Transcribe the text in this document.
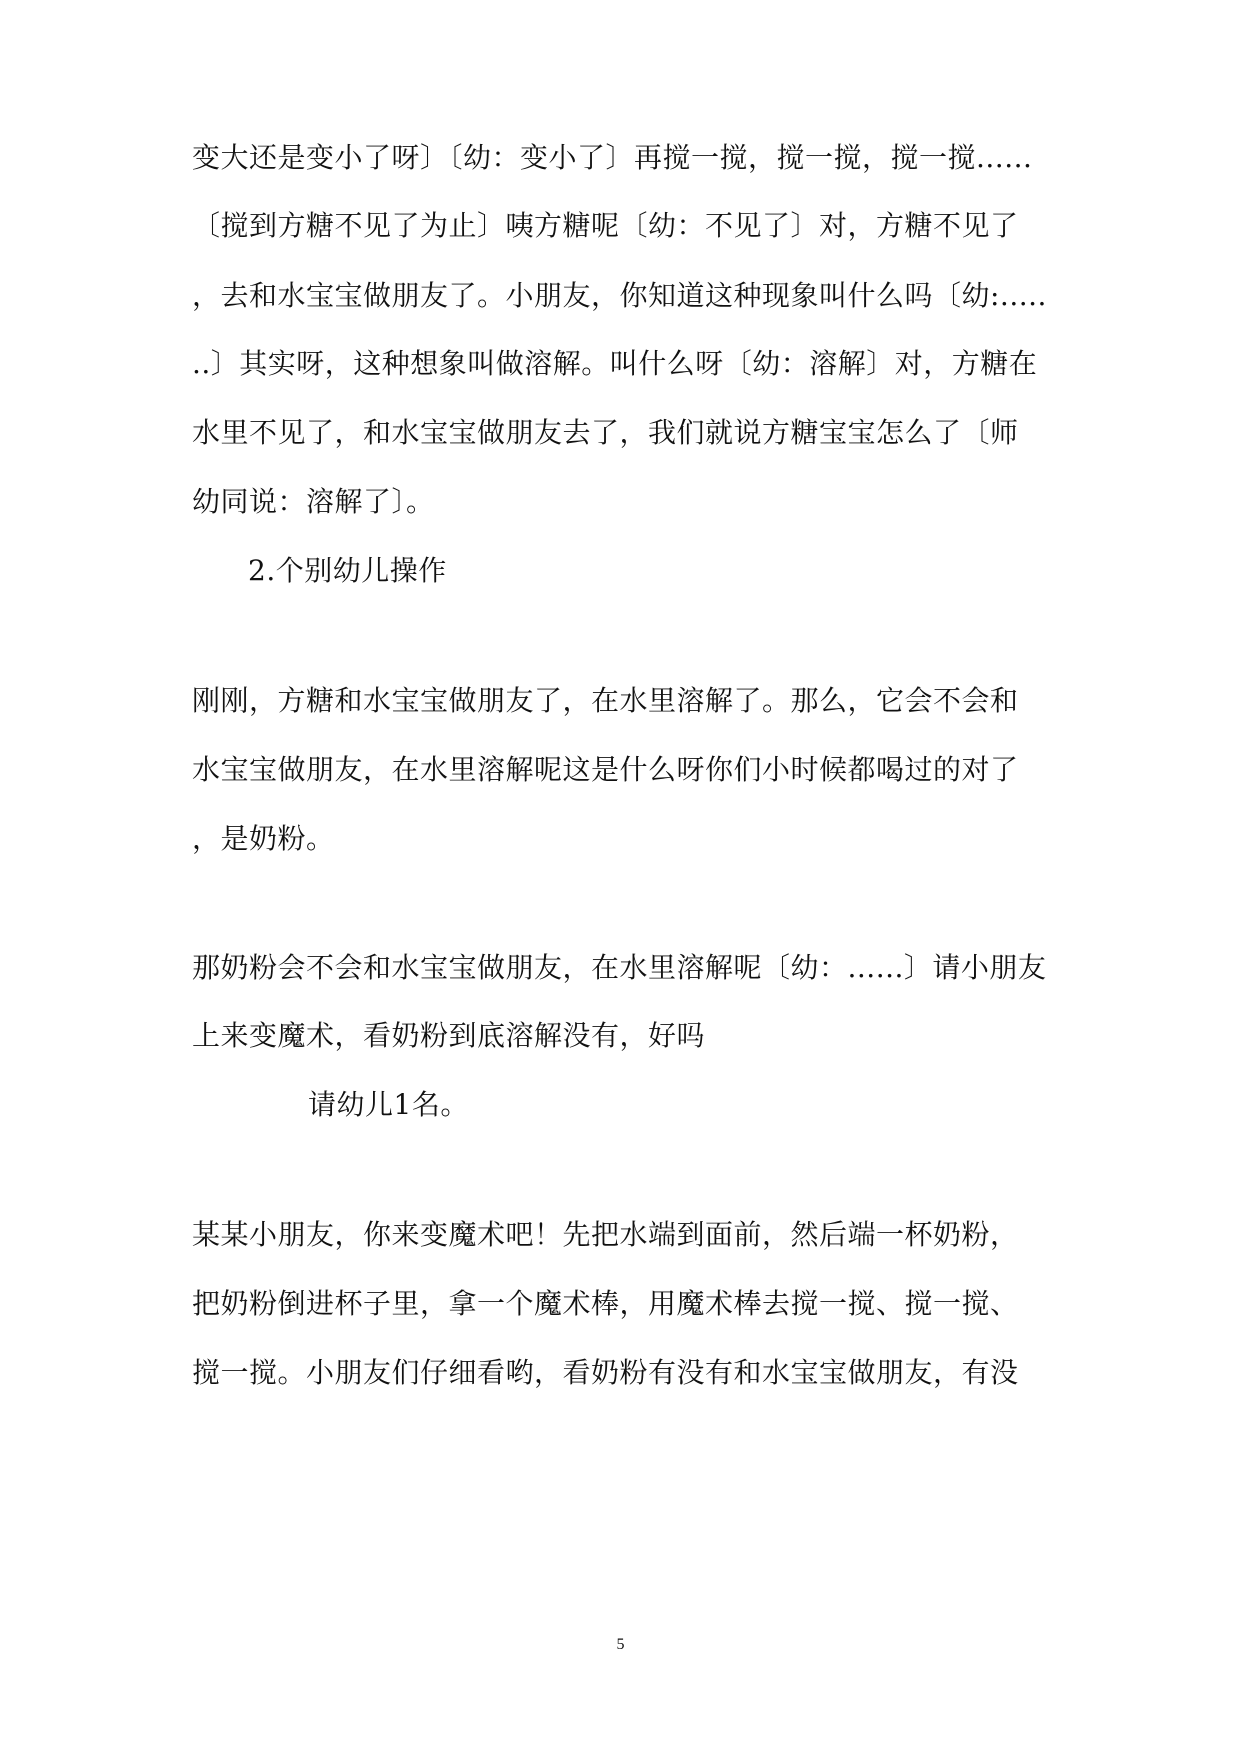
变大还是变小了呀〕〔幼：变小了〕再搅一搅，搅一搅，搅一搅......
〔搅到方糖不见了为止〕咦方糖呢〔幼：不见了〕对，方糖不见了
，去和水宝宝做朋友了。小朋友，你知道这种现象叫什么吗〔幼:.....
..〕其实呀，这种想象叫做溶解。叫什么呀〔幼：溶解〕对，方糖在
水里不见了，和水宝宝做朋友去了，我们就说方糖宝宝怎么了〔师
幼同说：溶解了〕。
2.个别幼儿操作
刚刚，方糖和水宝宝做朋友了，在水里溶解了。那么，它会不会和
水宝宝做朋友，在水里溶解呢这是什么呀你们小时候都喝过的对了
，是奶粉。
那奶粉会不会和水宝宝做朋友，在水里溶解呢〔幼：......〕请小朋友
上来变魔术，看奶粉到底溶解没有，好吗
请幼儿1名。
某某小朋友，你来变魔术吧！先把水端到面前，然后端一杯奶粉，
把奶粉倒进杯子里，拿一个魔术棒，用魔术棒去搅一搅、搅一搅、
搅一搅。小朋友们仔细看哟，看奶粉有没有和水宝宝做朋友，有没
5
